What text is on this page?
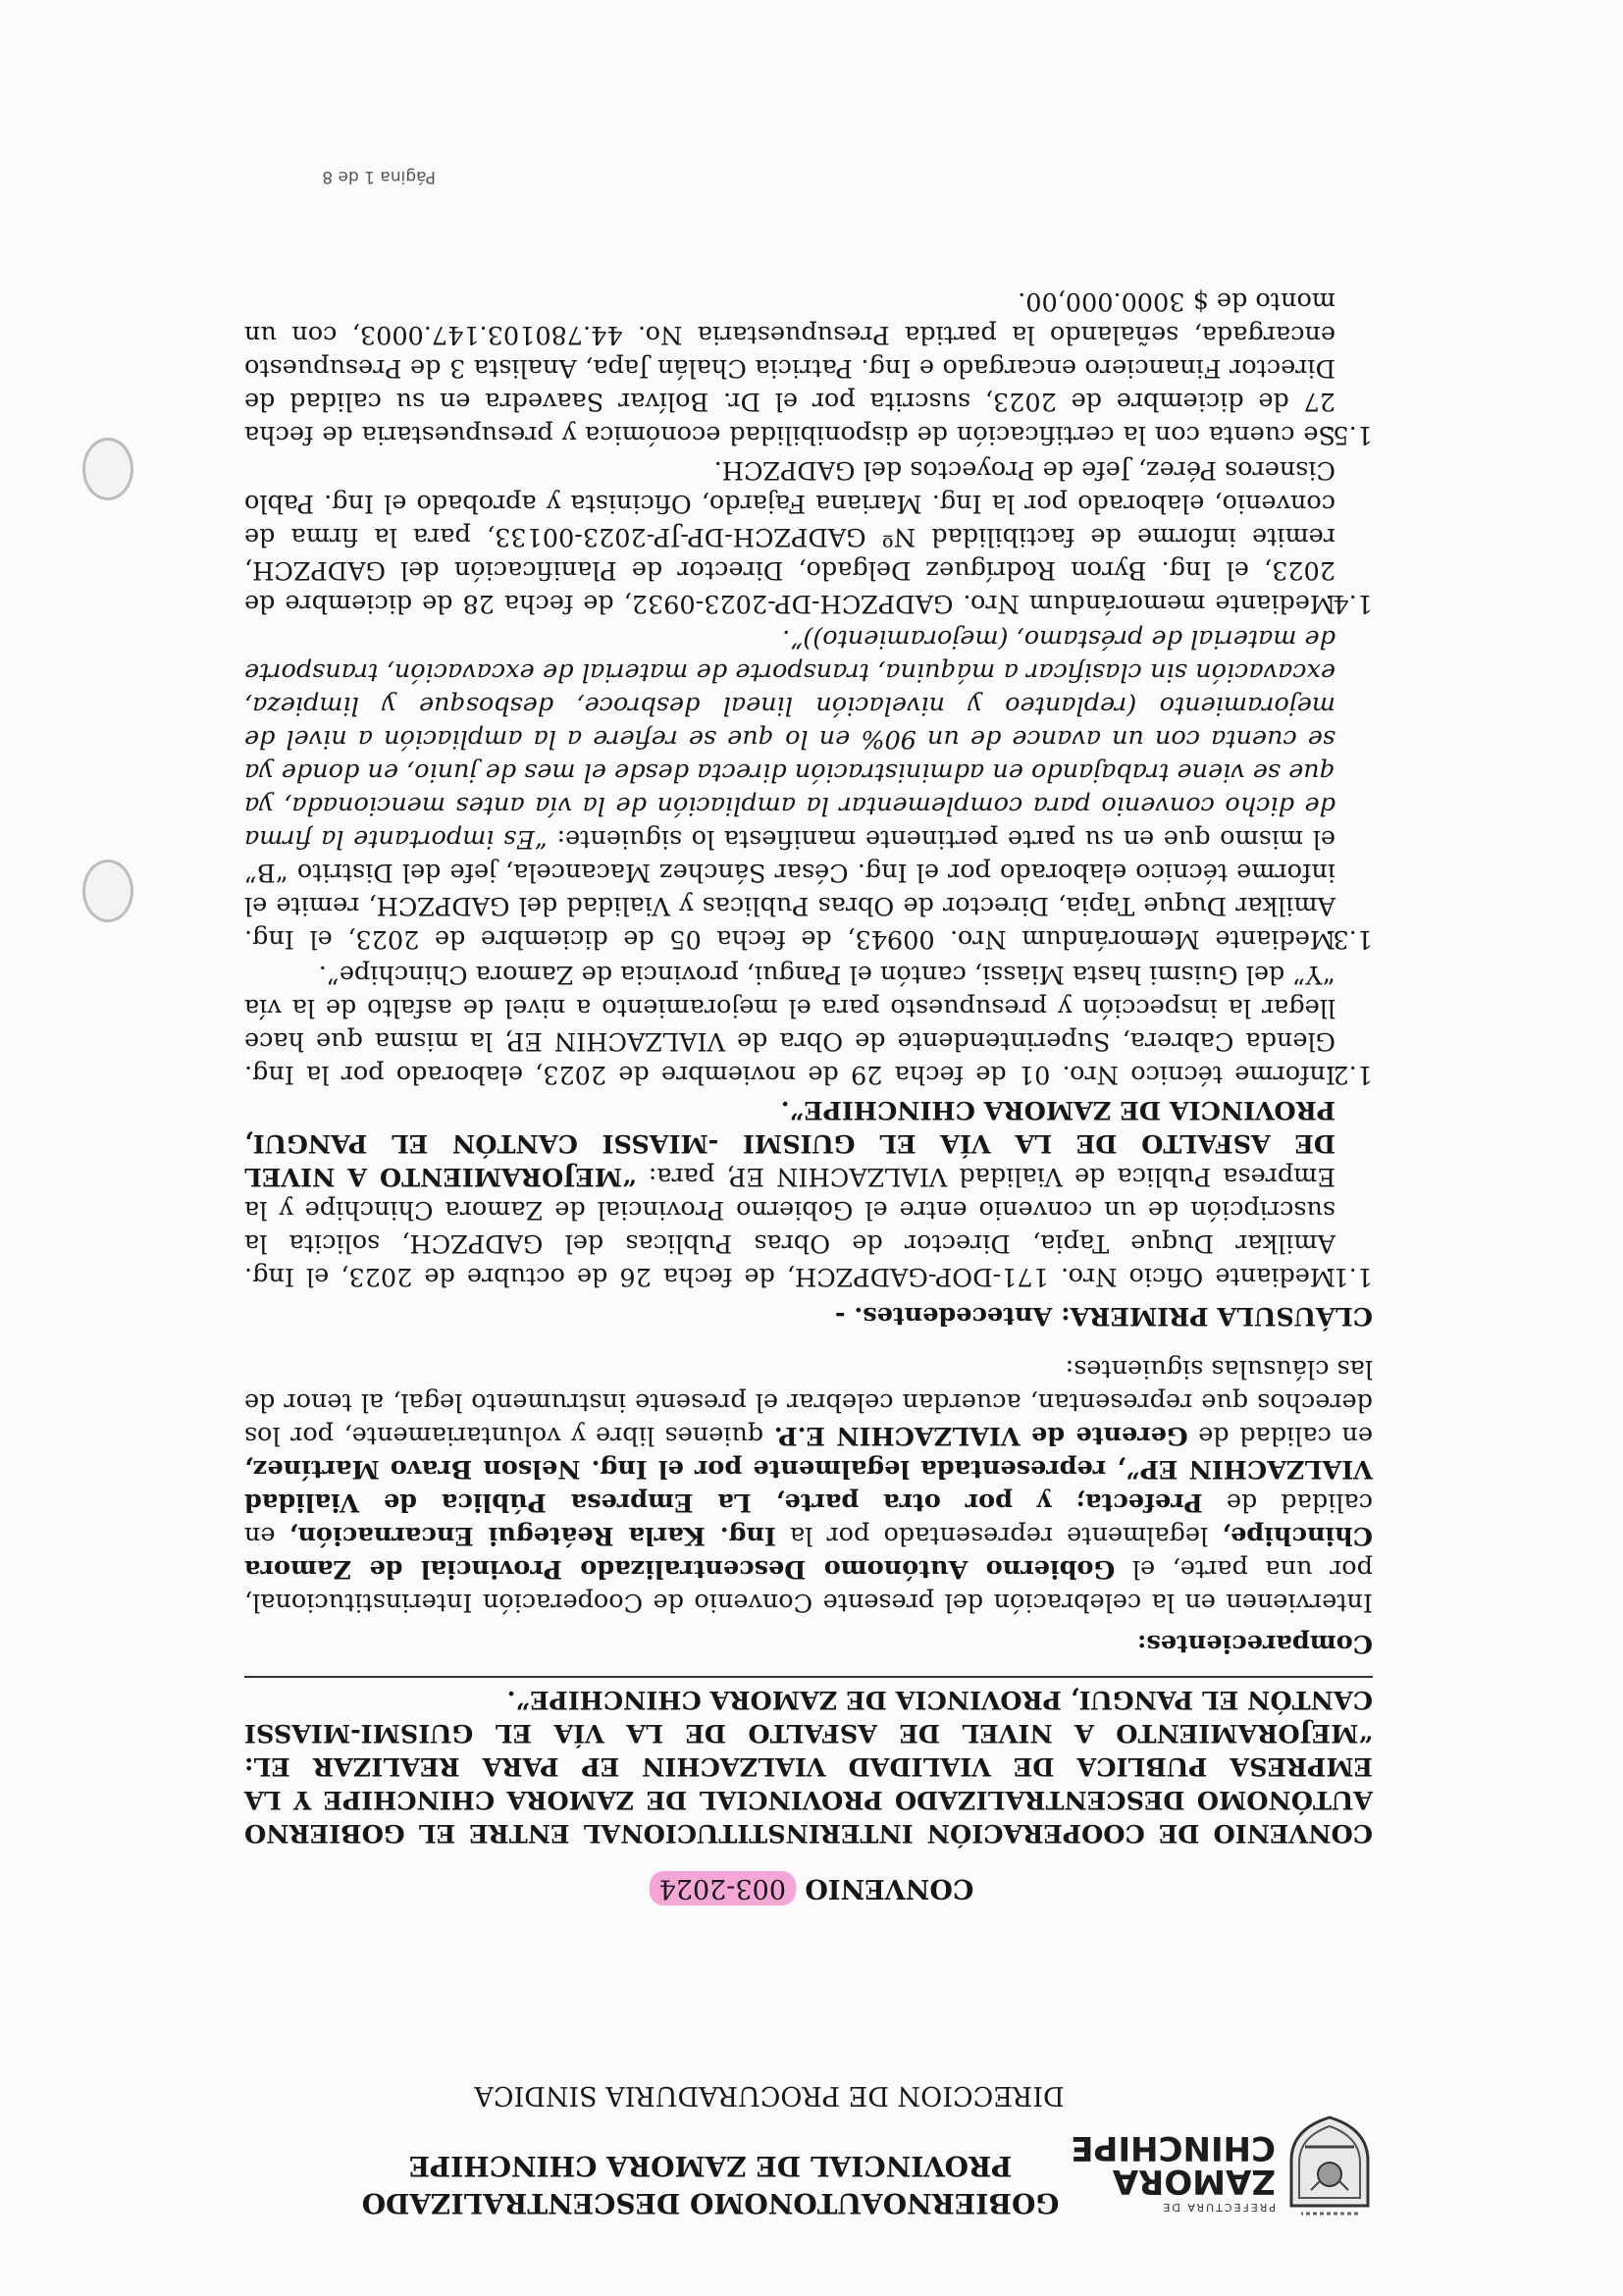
PREFECTURA DE
ZAMORA CHINCHIPE
GOBIERNOAUTONOMO DESCENTRALIZADO PROVINCIAL DE ZAMORA CHINCHIPE
DIRECCION DE PROCURADURIA SINDICA
CONVENIO 003-2024
CONVENIO DE COOPERACIÓN INTERINSTITUCIONAL ENTRE EL GOBIERNO AUTÓNOMO DESCENTRALIZADO PROVINCIAL DE ZAMORA CHINCHIPE Y LA EMPRESA PUBLICA DE VIALIDAD VIALZACHIN EP PARA REALIZAR EL: “MEJORAMIENTO A NIVEL DE ASFALTO DE LA VÍA EL GUISMI-MIASSI CANTÓN EL PANGUI, PROVINCIA DE ZAMORA CHINCHIPE”.

Comparecientes:

Intervienen en la celebración del presente Convenio de Cooperación Interinstitucional, por una parte, el Gobierno Autónomo Descentralizado Provincial de Zamora Chinchipe, legalmente representado por la Ing. Karla Reátegui Encarnación, en calidad de Prefecta; y por otra parte, La Empresa Pública de Vialidad VIALZACHIN EP”, representada legalmente por el Ing. Nelson Bravo Martínez, en calidad de Gerente de VIALZACHIN E.P. quienes libre y voluntariamente, por los derechos que representan, acuerdan celebrar el presente instrumento legal, al tenor de las cláusulas siguientes:

CLÁUSULA PRIMERA: Antecedentes. -

1.1.Mediante Oficio Nro. 171-DOP-GADPZCH, de fecha 26 de octubre de 2023, el Ing. Amilkar Duque Tapia, Director de Obras Publicas del GADPZCH, solicita la suscripción de un convenio entre el Gobierno Provincial de Zamora Chinchipe y la Empresa Publica de Vialidad VIALZACHIN EP, para: “MEJORAMIENTO A NIVEL DE ASFALTO DE LA VÍA EL GUISMI -MIASSI CANTÓN EL PANGUI, PROVINCIA DE ZAMORA CHINCHIPE”.

1.2.Informe técnico Nro. 01 de fecha 29 de noviembre de 2023, elaborado por la Ing. Glenda Cabrera, Superintendente de Obra de VIALZACHIN EP, la misma que hace llegar la inspección y presupuesto para el mejoramiento a nivel de asfalto de la vía “Y” del Guismi hasta Miassi, cantón el Pangui, provincia de Zamora Chinchipe”.

1.3.Mediante Memorándum Nro. 00943, de fecha 05 de diciembre de 2023, el Ing. Amilkar Duque Tapia, Director de Obras Publicas y Vialidad del GADPZCH, remite el informe técnico elaborado por el Ing. César Sánchez Macancela, jefe del Distrito “B” el mismo que en su parte pertinente manifiesta lo siguiente: “Es importante la firma de dicho convenio para complementar la ampliación de la vía antes mencionada, ya que se viene trabajando en administración directa desde el mes de junio, en donde ya se cuenta con un avance de un 90% en lo que se refiere a la ampliación a nivel de mejoramiento (replanteo y nivelación lineal desbroce, desbosque y limpieza, excavación sin clasificar a máquina, transporte de material de excavación, transporte de material de préstamo, (mejoramiento))”.

1.4.Mediante memorándum Nro. GADPZCH-DP-2023-0932, de fecha 28 de diciembre de 2023, el Ing. Byron Rodríguez Delgado, Director de Planificación del GADPZCH, remite informe de factibilidad Nº GADPZCH-DP-JP-2023-00133, para la firma de convenio, elaborado por la Ing. Mariana Fajardo, Oficinista y aprobado el Ing. Pablo Cisneros Pérez, Jefe de Proyectos del GADPZCH.

1.5.Se cuenta con la certificación de disponibilidad económica y presupuestaria de fecha 27 de diciembre de 2023, suscrita por el Dr. Bolívar Saavedra en su calidad de Director Financiero encargado e Ing. Patricia Chalán Japa, Analista 3 de Presupuesto encargada, señalando la partida Presupuestaria No. 44.780103.147.0003, con un monto de $ 3000.000,00.

Página 1 de 8
